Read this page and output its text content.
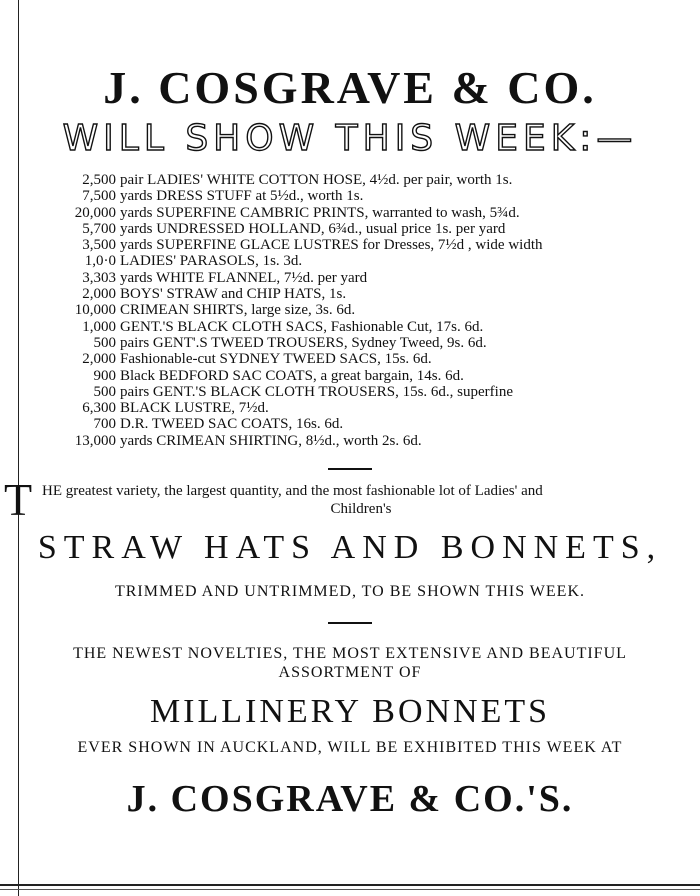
J. COSGRAVE & CO.
WILL SHOW THIS WEEK:—
2,500 pair LADIES' WHITE COTTON HOSE, 4½d. per pair, worth 1s.
7,500 yards DRESS STUFF at 5½d., worth 1s.
20,000 yards SUPERFINE CAMBRIC PRINTS, warranted to wash, 5¾d.
5,700 yards UNDRESSED HOLLAND, 6¾d., usual price 1s. per yard
3,500 yards SUPERFINE GLACE LUSTRES for Dresses, 7½d , wide width
1,0·0 LADIES' PARASOLS, 1s. 3d.
3,303 yards WHITE FLANNEL, 7½d. per yard
2,000 BOYS' STRAW and CHIP HATS, 1s.
10,000 CRIMEAN SHIRTS, large size, 3s. 6d.
1,000 GENT.'S BLACK CLOTH SACS, Fashionable Cut, 17s. 6d.
500 pairs GENT'.S TWEED TROUSERS, Sydney Tweed, 9s. 6d.
2,000 Fashionable-cut SYDNEY TWEED SACS, 15s. 6d.
900 Black BEDFORD SAC COATS, a great bargain, 14s. 6d.
500 pairs GENT.'S BLACK CLOTH TROUSERS, 15s. 6d., superfine
6,300 BLACK LUSTRE, 7½d.
700 D.R. TWEED SAC COATS, 16s. 6d.
13,000 yards CRIMEAN SHIRTING, 8½d., worth 2s. 6d.
T HE greatest variety, the largest quantity, and the most fashionable lot of Ladies' and
Children's
STRAW HATS AND BONNETS,
TRIMMED AND UNTRIMMED, TO BE SHOWN THIS WEEK.
THE NEWEST NOVELTIES, THE MOST EXTENSIVE AND BEAUTIFUL
ASSORTMENT OF
MILLINERY BONNETS
EVER SHOWN IN AUCKLAND, WILL BE EXHIBITED THIS WEEK AT
J. COSGRAVE & CO.'S.
